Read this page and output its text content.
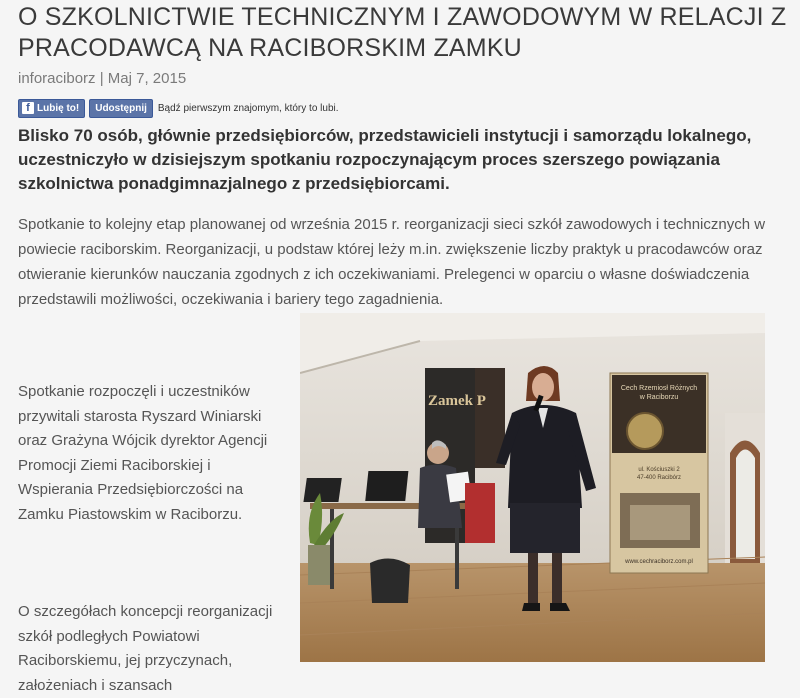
O SZKOLNICTWIE TECHNICZNYM I ZAWODOWYM W RELACJI Z PRACODAWCĄ NA RACIBORSKIM ZAMKU
inforaciborz | Maj 7, 2015
f Lubię to! Udostępnij Bądź pierwszym znajomym, który to lubi.

Blisko 70 osób, głównie przedsiębiorców, przedstawicieli instytucji i samorządu lokalnego, uczestniczyło w dzisiejszym spotkaniu rozpoczynającym proces szerszego powiązania szkolnictwa ponadgimnazjalnego z przedsiębiorcami.

Spotkanie to kolejny etap planowanej od września 2015 r. reorganizacji sieci szkół zawodowych i technicznych w powiecie raciborskim. Reorganizacji, u podstaw której leży m.in. zwiększenie liczby praktyk u pracodawców oraz otwieranie kierunków nauczania zgodnych z ich oczekiwaniami. Prelegenci w oparciu o własne doświadczenia przedstawili możliwości, oczekiwania i bariery tego zagadnienia.

Spotkanie rozpoczęli i uczestników przywitali starosta Ryszard Winiarski oraz Grażyna Wójcik dyrektor Agencji Promocji Ziemi Raciborskiej i Wspierania Przedsiębiorczości na Zamku Piastowskim w Raciborzu.

O szczegółach koncepcji reorganizacji szkół podległych Powiatowi Raciborskiemu, jej przyczynach, założeniach i szansach

Zamek P
Cech Rzemiosł Różnych
w Raciborzu
ul. Kościuszki 2
47-400 Racibórz
www.cechraciborz.com.pl
